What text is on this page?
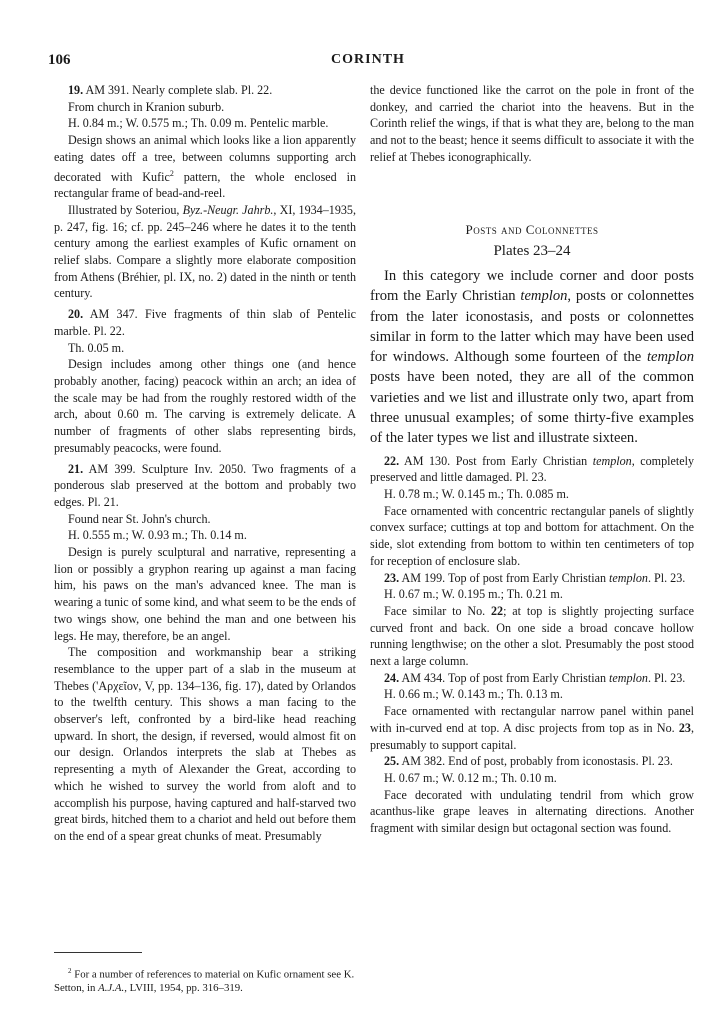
106	CORINTH

19. AM 391. Nearly complete slab. Pl. 22.

From church in Kranion suburb.

H. 0.84 m.; W. 0.575 m.; Th. 0.09 m. Pentelic marble.

Design shows an animal which looks like a lion apparently eating dates off a tree, between columns supporting arch decorated with Kufic$^2$ pattern, the whole enclosed in rectangular frame of bead-and-reel.

Illustrated by Soteriou, Byz.-Neugr. Jahrb., XI, 1934–1935, p. 247, fig. 16; cf. pp. 245–246 where he dates it to the tenth century among the earliest examples of Kufic ornament on relief slabs. Compare a slightly more elaborate composition from Athens (Bréhier, pl. IX, no. 2) dated in the ninth or tenth century.

20. AM 347. Five fragments of thin slab of Pentelic marble. Pl. 22.

Th. 0.05 m.

Design includes among other things one (and hence probably another, facing) peacock within an arch; an idea of the scale may be had from the roughly restored width of the arch, about 0.60 m. The carving is extremely delicate. A number of fragments of other slabs representing birds, presumably peacocks, were found.

21. AM 399. Sculpture Inv. 2050. Two fragments of a ponderous slab preserved at the bottom and probably two edges. Pl. 21.

Found near St. John's church.

H. 0.555 m.; W. 0.93 m.; Th. 0.14 m.

Design is purely sculptural and narrative, representing a lion or possibly a gryphon rearing up against a man facing him, his paws on the man's advanced knee. The man is wearing a tunic of some kind, and what seem to be the ends of two wings show, one behind the man and one between his legs. He may, therefore, be an angel.

The composition and workmanship bear a striking resemblance to the upper part of a slab in the museum at Thebes ('Αρχεῖον, V, pp. 134–136, fig. 17), dated by Orlandos to the twelfth century. This shows a man facing to the observer's left, confronted by a bird-like head reaching upward. In short, the design, if reversed, would almost fit on our design. Orlandos interprets the slab at Thebes as representing a myth of Alexander the Great, according to which he wished to survey the world from aloft and to accomplish his purpose, having captured and half-starved two great birds, hitched them to a chariot and held out before them on the end of a spear great chunks of meat. Presumably

$^2$ For a number of references to material on Kufic ornament see K. Setton, in A.J.A., LVIII, 1954, pp. 316–319.

the device functioned like the carrot on the pole in front of the donkey, and carried the chariot into the heavens. But in the Corinth relief the wings, if that is what they are, belong to the man and not to the beast; hence it seems difficult to associate it with the relief at Thebes iconographically.

Posts and Colonnettes
Plates 23–24

In this category we include corner and door posts from the Early Christian templon, posts or colonnettes from the later iconostasis, and posts or colonnettes similar in form to the latter which may have been used for windows. Although some fourteen of the templon posts have been noted, they are all of the common varieties and we list and illustrate only two, apart from three unusual examples; of some thirty-five examples of the later types we list and illustrate sixteen.

22. AM 130. Post from Early Christian templon, completely preserved and little damaged. Pl. 23.

H. 0.78 m.; W. 0.145 m.; Th. 0.085 m.

Face ornamented with concentric rectangular panels of slightly convex surface; cuttings at top and bottom for attachment. On the side, slot extending from bottom to within ten centimeters of top for reception of enclosure slab.

23. AM 199. Top of post from Early Christian templon. Pl. 23.

H. 0.67 m.; W. 0.195 m.; Th. 0.21 m.

Face similar to No. 22; at top is slightly projecting surface curved front and back. On one side a broad concave hollow running lengthwise; on the other a slot. Presumably the post stood next a large column.

24. AM 434. Top of post from Early Christian templon. Pl. 23.

H. 0.66 m.; W. 0.143 m.; Th. 0.13 m.

Face ornamented with rectangular narrow panel within panel with in-curved end at top. A disc projects from top as in No. 23, presumably to support capital.

25. AM 382. End of post, probably from iconostasis. Pl. 23.

H. 0.67 m.; W. 0.12 m.; Th. 0.10 m.

Face decorated with undulating tendril from which grow acanthus-like grape leaves in alternating directions. Another fragment with similar design but octagonal section was found.
